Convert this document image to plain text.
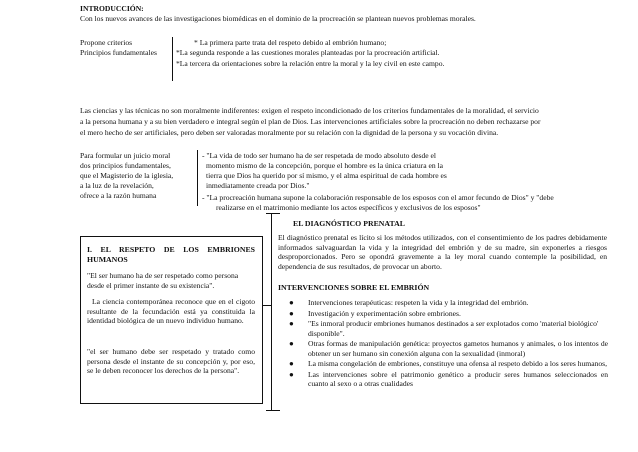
INTRODUCCIÓN:
Con los nuevos avances de las investigaciones biomédicas en el dominio de la procreación se plantean nuevos problemas morales.
Propone criterios
Principios fundamentales
* La primera parte trata del respeto debido al embrión humano;
*La segunda responde a las cuestiones morales planteadas por la procreación artificial.
*La tercera da orientaciones sobre la relación entre la moral y la ley civil en este campo.
Las ciencias y las técnicas no son moralmente indiferentes: exigen el respeto incondicionado de los criterios fundamentales de la moralidad, el servicio
a la persona humana y a su bien verdadero e integral según el plan de Dios. Las intervenciones artificiales sobre la procreación no deben rechazarse por
el mero hecho de ser artificiales, pero deben ser valoradas moralmente por su relación con la dignidad de la persona y su vocación divina.
Para formular un juicio moral
dos principios fundamentales,
que el Magisterio de la iglesia,
a la luz de la revelación,
ofrece a la razón humana
- "La vida de todo ser humano ha de ser respetada de modo absoluto desde el
momento mismo de la concepción, porque el hombre es la única criatura en la
tierra que Dios ha querido por sí mismo, y el alma espiritual de cada hombre es
inmediatamente creada por Dios."
- "La procreación humana supone la colaboración responsable de los esposos con el amor fecundo de Dios" y "debe
realizarse en el matrimonio mediante los actos específicos y exclusivos de los esposos"
I. EL RESPETO DE LOS EMBRIONES HUMANOS
"El ser humano ha de ser respetado como persona desde el primer instante de su existencia".
La ciencia contemporánea reconoce que en el cigoto resultante de la fecundación está ya constituida la identidad biológica de un nuevo individuo humano.
"el ser humano debe ser respetado y tratado como persona desde el instante de su concepción y, por eso, se le deben reconocer los derechos de la persona".
EL DIAGNÓSTICO PRENATAL
El diagnóstico prenatal es lícito si los métodos utilizados, con el consentimiento de los padres debidamente informados salvaguardan la vida y la integridad del embrión y de su madre, sin exponerles a riesgos desproporcionados. Pero se opondrá gravemente a la ley moral cuando contemple la posibilidad, en dependencia de sus resultados, de provocar un aborto.
INTERVENCIONES SOBRE EL EMBRIÓN
● Intervenciones terapéuticas: respeten la vida y la integridad del embrión.
● Investigación y experimentación sobre embriones.
● "Es inmoral producir embriones humanos destinados a ser explotados como 'material biológico' disponible".
● Otras formas de manipulación genética: proyectos gametos humanos y animales, o los intentos de obtener un ser humano sin conexión alguna con la sexualidad (inmoral)
● La misma congelación de embriones, constituye una ofensa al respeto debido a los seres humanos,
● Las intervenciones sobre el patrimonio genético a producir seres humanos seleccionados en cuanto al sexo o a otras cualidades
